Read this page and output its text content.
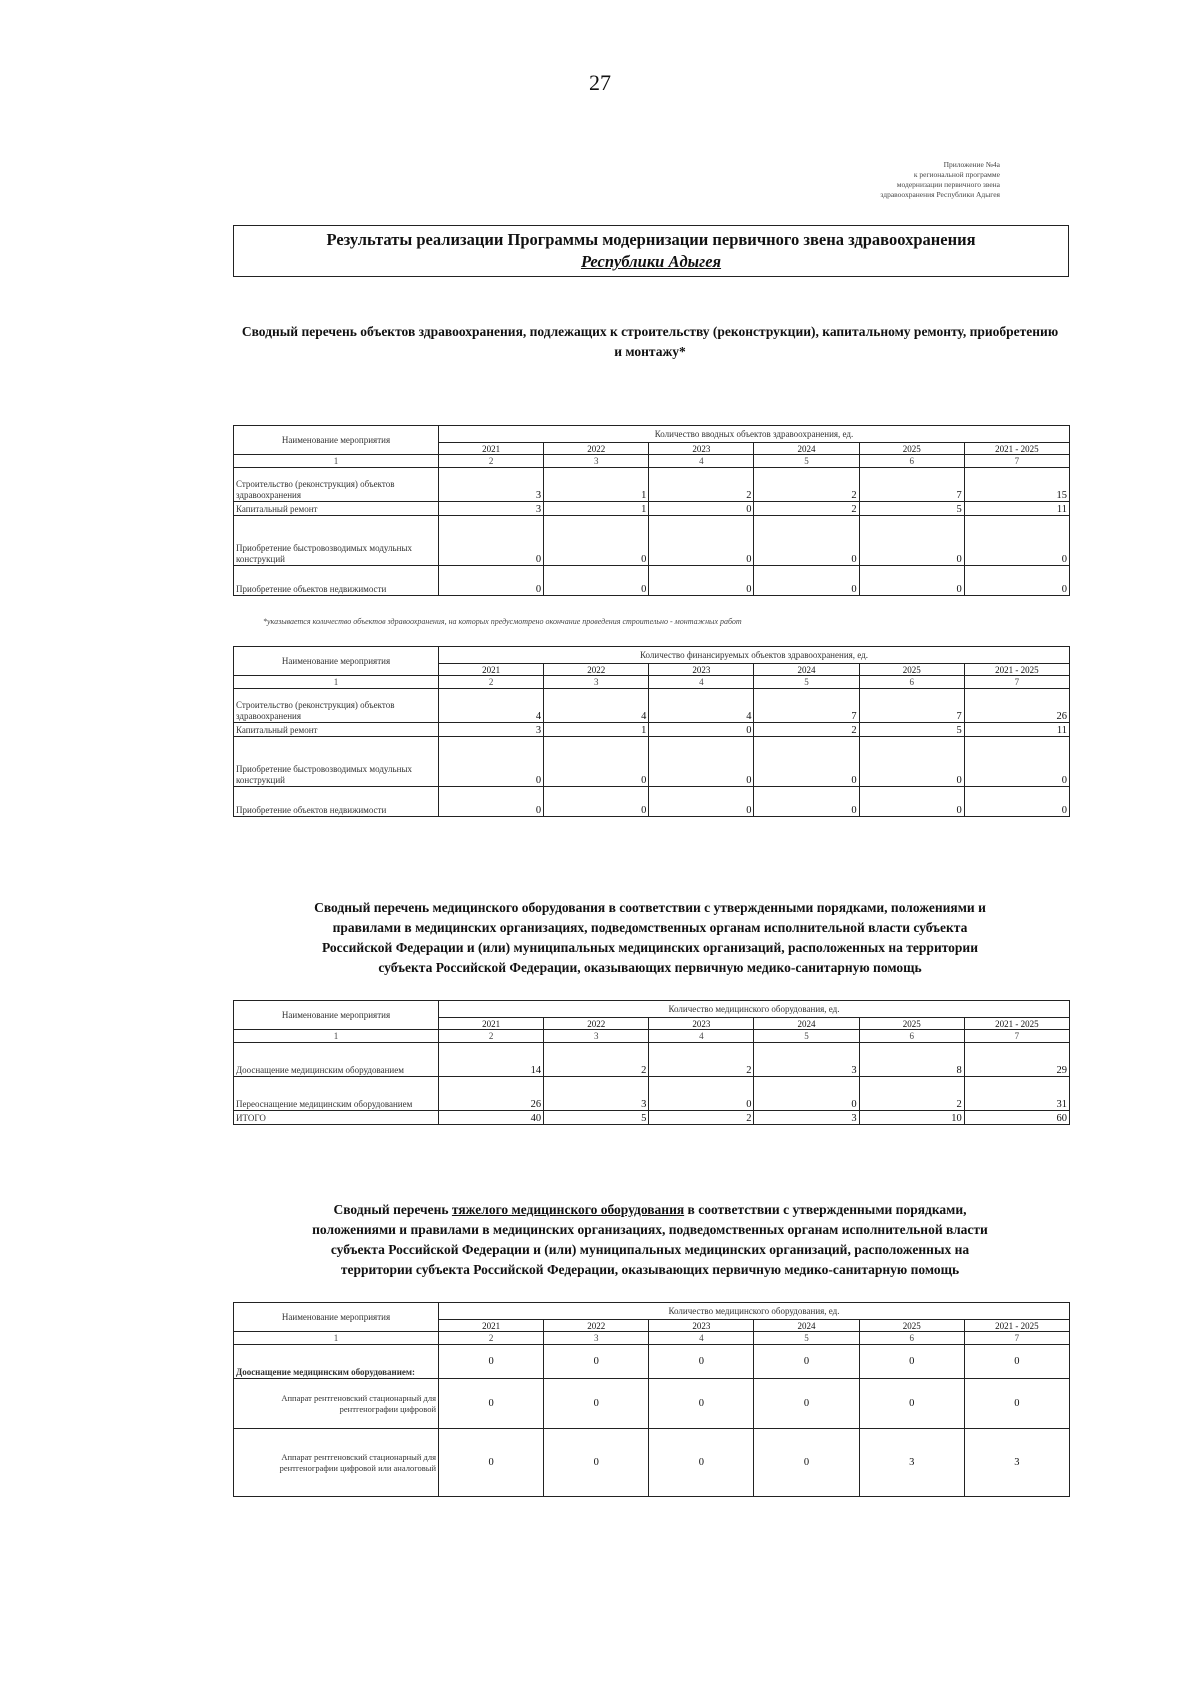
27
Приложение №4а
к региональной программе
модернизации первичного звена
здравоохранения Республики Адыгея
Результаты реализации Программы модернизации первичного звена здравоохранения
Республики Адыгея
Сводный перечень объектов здравоохранения, подлежащих к строительству (реконструкции), капитальному ремонту, приобретению и монтажу*
Наименование мероприятия	Количество вводных объектов здравоохранения, ед.					
	2021	2022	2023	2024	2025	2021 - 2025
1	2	3	4	5	6	7
Строительство (реконструкция) объектов здравоохранения	3	1	2	2	7	15
Капитальный ремонт	3	1	0	2	5	11
Приобретение быстровозводимых модульных конструкций	0	0	0	0	0	0
Приобретение объектов недвижимости	0	0	0	0	0	0
*указывается количество объектов здравоохранения, на которых предусмотрено окончание проведения строительно - монтажных работ
Наименование мероприятия	Количество финансируемых объектов здравоохранения, ед.					
	2021	2022	2023	2024	2025	2021 - 2025
1	2	3	4	5	6	7
Строительство (реконструкция) объектов здравоохранения	4	4	4	7	7	26
Капитальный ремонт	3	1	0	2	5	11
Приобретение быстровозводимых модульных конструкций	0	0	0	0	0	0
Приобретение объектов недвижимости	0	0	0	0	0	0
Сводный перечень медицинского оборудования в соответствии с утвержденными порядками, положениями и
правилами в медицинских организациях, подведомственных органам исполнительной власти субъекта
Российской Федерации и (или) муниципальных медицинских организаций, расположенных на территории
субъекта Российской Федерации, оказывающих первичную медико-санитарную помощь
Наименование мероприятия	Количество медицинского оборудования, ед.					
	2021	2022	2023	2024	2025	2021 - 2025
1	2	3	4	5	6	7
Дооснащение медицинским оборудованием	14	2	2	3	8	29
Переоснащение медицинским оборудованием	26	3	0	0	2	31
ИТОГО	40	5	2	3	10	60
Сводный перечень тяжелого медицинского оборудования в соответствии с утвержденными порядками,
положениями и правилами в медицинских организациях, подведомственных органам исполнительной власти
субъекта Российской Федерации и (или) муниципальных медицинских организаций, расположенных на
территории субъекта Российской Федерации, оказывающих первичную медико-санитарную помощь
Наименование мероприятия	Количество медицинского оборудования, ед.					
	2021	2022	2023	2024	2025	2021 - 2025
1	2	3	4	5	6	7
Дооснащение медицинским оборудованием:	0	0	0	0	0	0
Аппарат рентгеновский стационарный для рентгенографии цифровой	0	0	0	0	0	0
Аппарат рентгеновский стационарный для рентгенографии цифровой или аналоговый	0	0	0	0	3	3
